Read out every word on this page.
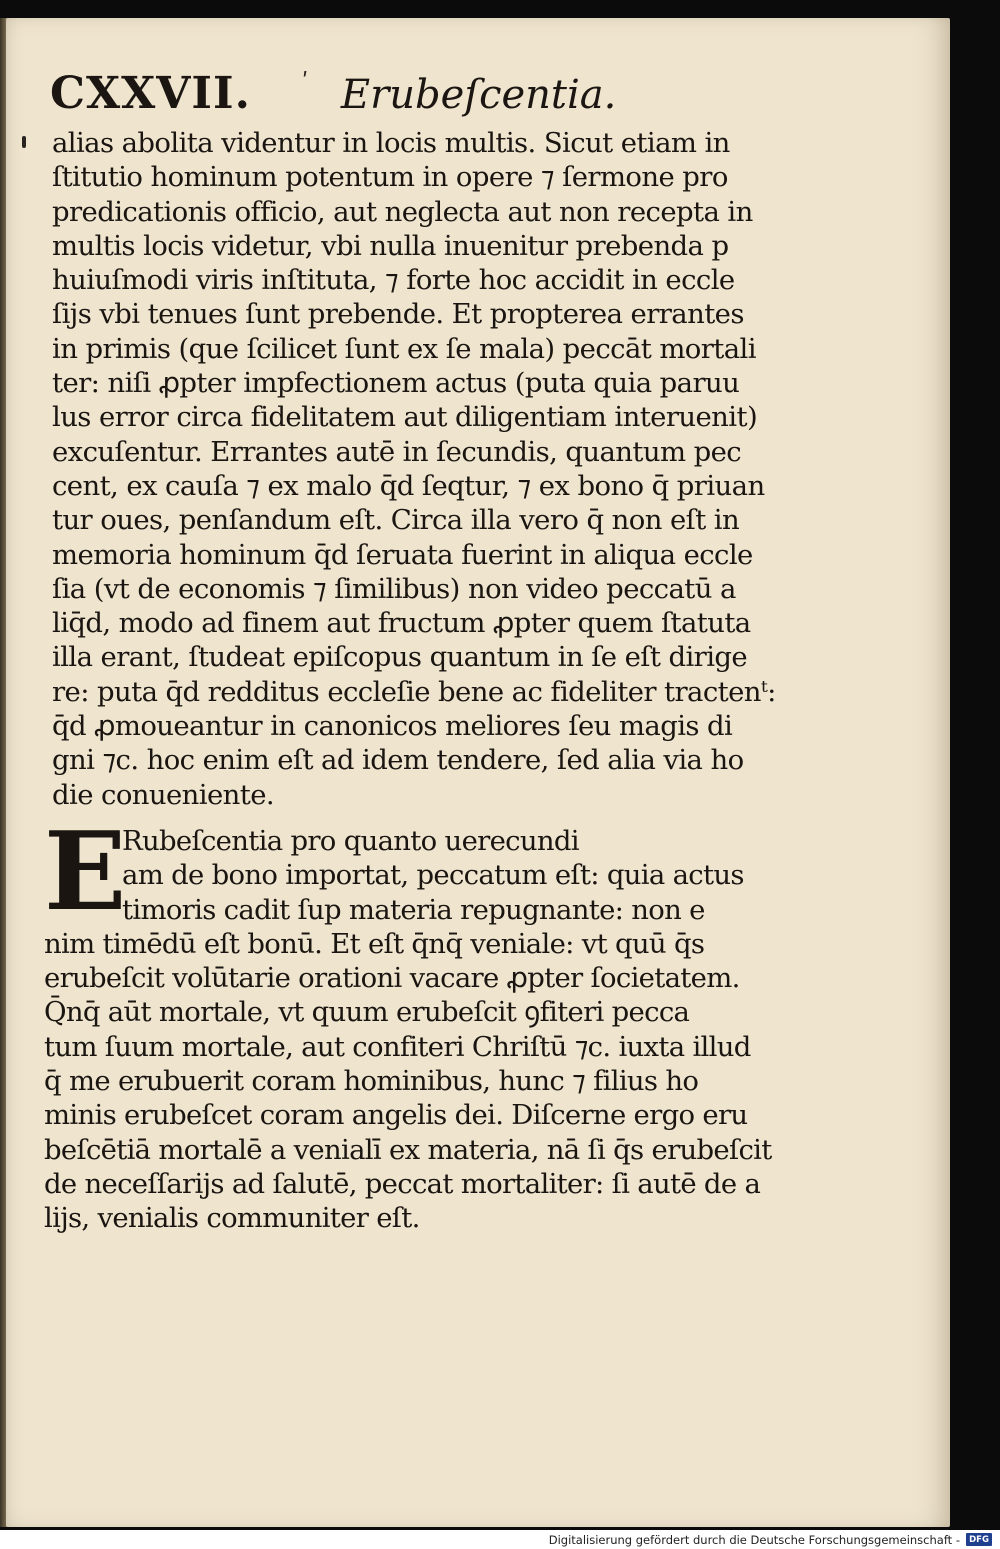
CXXVII. Erubeſcentia.
ʹ
alias abolita videntur in locis multis. Sicut etiam in
ſtitutio hominum potentum in opere ⁊ ſermone pro
predicationis officio, aut neglecta aut non recepta in
multis locis videtur, vbi nulla inuenitur prebenda p
huiuſmodi viris inſtituta, ⁊ forte hoc accidit in eccle
ſijs vbi tenues ſunt prebende. Et propterea errantes
in primis (que ſcilicet ſunt ex ſe mala) peccāt mortali
ter: niſi ꝓpter impfectionem actus (puta quia paruu
lus error circa fidelitatem aut diligentiam interuenit)
excuſentur. Errantes autē in ſecundis, quantum pec
cent, ex cauſa ⁊ ex malo q̄d ſeqtur, ⁊ ex bono q̄ priuan
tur oues, penſandum eſt. Circa illa vero q̄ non eſt in
memoria hominum q̄d ſeruata fuerint in aliqua eccle
ſia (vt de economis ⁊ ſimilibus) non video peccatū a
liq̄d, modo ad finem aut fructum ꝓpter quem ſtatuta
illa erant, ſtudeat epiſcopus quantum in ſe eſt dirige
re: puta q̄d redditus eccleſie bene ac fideliter tractenᵗ:
q̄d ꝓmoueantur in canonicos meliores ſeu magis di
gni ⁊c. hoc enim eſt ad idem tendere, ſed alia via ho
die conueniente.
E
Rubeſcentia pro quanto uerecundi
am de bono importat, peccatum eſt: quia actus
timoris cadit ſup materia repugnante: non e
nim timēdū eſt bonū. Et eſt q̄nq̄ veniale: vt quū q̄s
erubeſcit volūtarie orationi vacare ꝓpter ſocietatem.
Q̄nq̄ aūt mortale, vt quum erubeſcit ꝯfiteri pecca
tum ſuum mortale, aut confiteri Chriſtū ⁊c. iuxta illud
q̄ me erubuerit coram hominibus, hunc ⁊ filius ho
minis erubeſcet coram angelis dei. Diſcerne ergo eru
beſcētiā mortalē a venialī ex materia, nā ſi q̄s erubeſcit
de neceſſarijs ad ſalutē, peccat mortaliter: ſi autē de a
lijs, venialis communiter eſt.
Digitalisierung gefördert durch die Deutsche Forschungsgemeinschaft -	DFG
